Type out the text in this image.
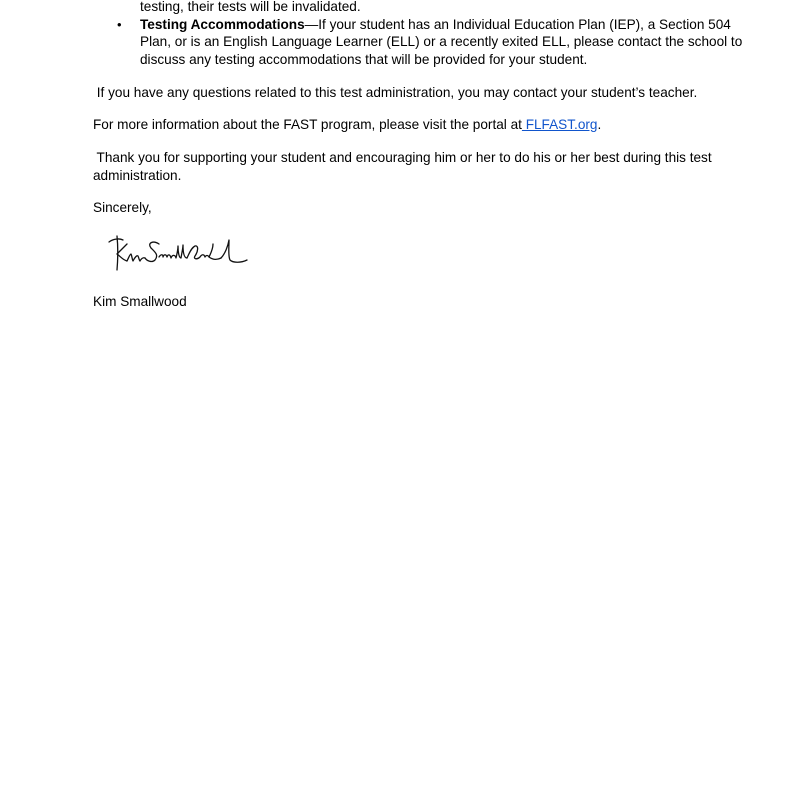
testing, their tests will be invalidated.

• Testing Accommodations—If your student has an Individual Education Plan (IEP), a Section 504

Plan, or is an English Language Learner (ELL) or a recently exited ELL, please contact the school to

discuss any testing accommodations that will be provided for your student.

If you have any questions related to this test administration, you may contact your student’s teacher.

For more information about the FAST program, please visit the portal at FLFAST.org.

Thank you for supporting your student and encouraging him or her to do his or her best during this test

administration.

Sincerely,

Kim Smallwood
